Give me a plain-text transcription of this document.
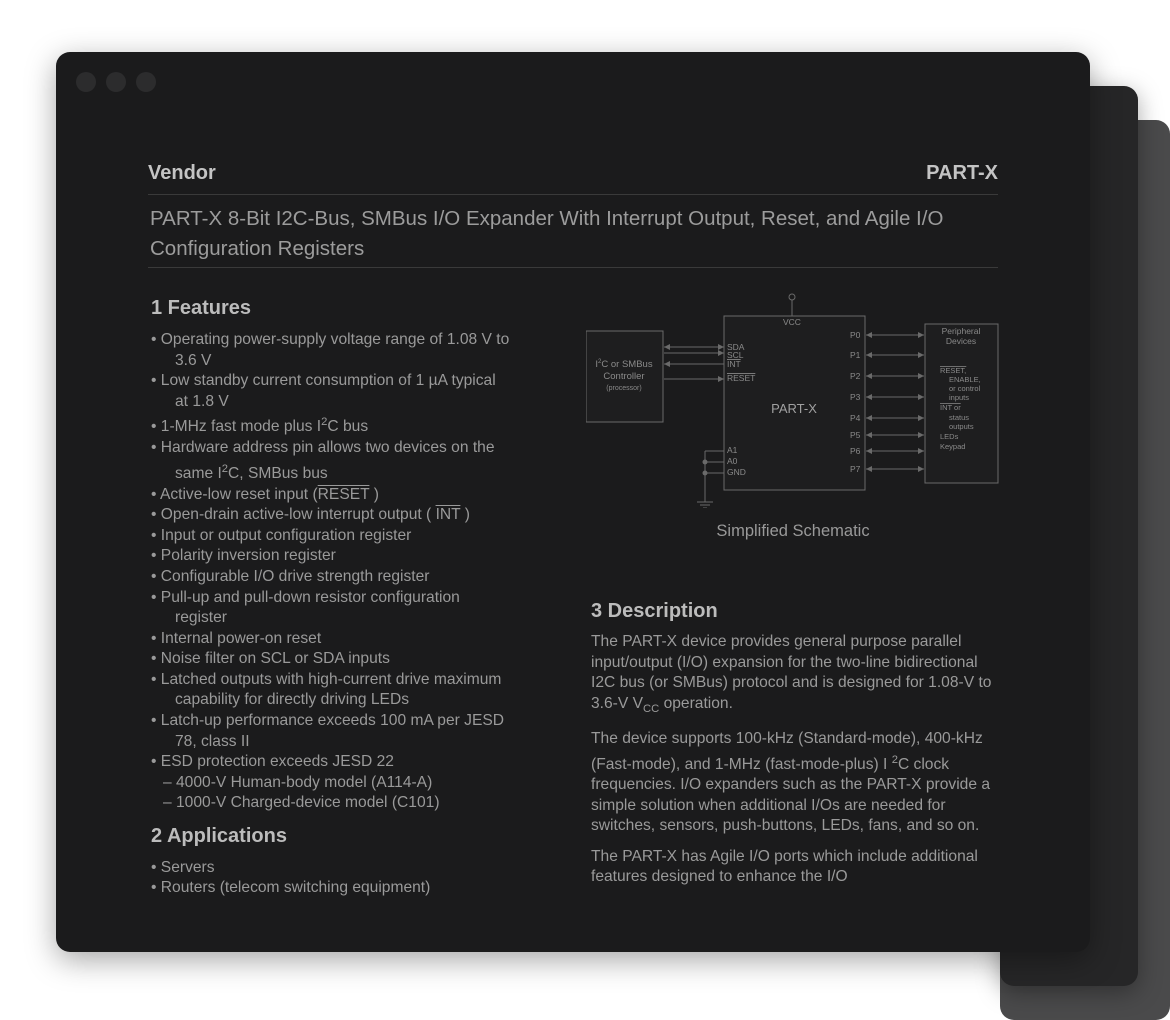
Vendor	PART-X
PART-X 8-Bit I2C-Bus, SMBus I/O Expander With Interrupt Output, Reset, and Agile I/O Configuration Registers
1 Features
• Operating power-supply voltage range of 1.08 V to
3.6 V
• Low standby current consumption of 1 µA typical
at 1.8 V
• 1-MHz fast mode plus $I^2C$ bus
• Hardware address pin allows two devices on the
same $I^2C$, SMBus bus
• Active-low reset input (RESET )
• Open-drain active-low interrupt output ( $\overline{INT}$ )
• Input or output configuration register
• Polarity inversion register
• Configurable I/O drive strength register
• Pull-up and pull-down resistor configuration
register
• Internal power-on reset
• Noise filter on SCL or SDA inputs
• Latched outputs with high-current drive maximum
capability for directly driving LEDs
• Latch-up performance exceeds 100 mA per JESD
78, class II
• ESD protection exceeds JESD 22
– 4000-V Human-body model (A114-A)
– 1000-V Charged-device model (C101)
2 Applications
• Servers
• Routers (telecom switching equipment)
VCC
SDA
SCL
INT
RESET
A1
A0
GND
P0
P1
P2
P3
P4
P5
P6
P7
PART-X
$I^2C$ or SMBus
Controller
(processor)
Peripheral
Devices
RESET,
ENABLE,
or control
inputs
INT or
status
outputs
LEDs
Keypad
Simplified Schematic
3 Description

The PART-X device provides general purpose parallel input/output (I/O) expansion for the two-line bidirectional I2C bus (or SMBus) protocol and is designed for 1.08-V to 3.6-V $V_{CC}$ operation.

The device supports 100-kHz (Standard-mode), 400-kHz (Fast-mode), and 1-MHz (fast-mode-plus) I $^2$C clock frequencies. I/O expanders such as the PART-X provide a simple solution when additional I/Os are needed for switches, sensors, push-buttons, LEDs, fans, and so on.

The PART-X has Agile I/O ports which include additional features designed to enhance the I/O
